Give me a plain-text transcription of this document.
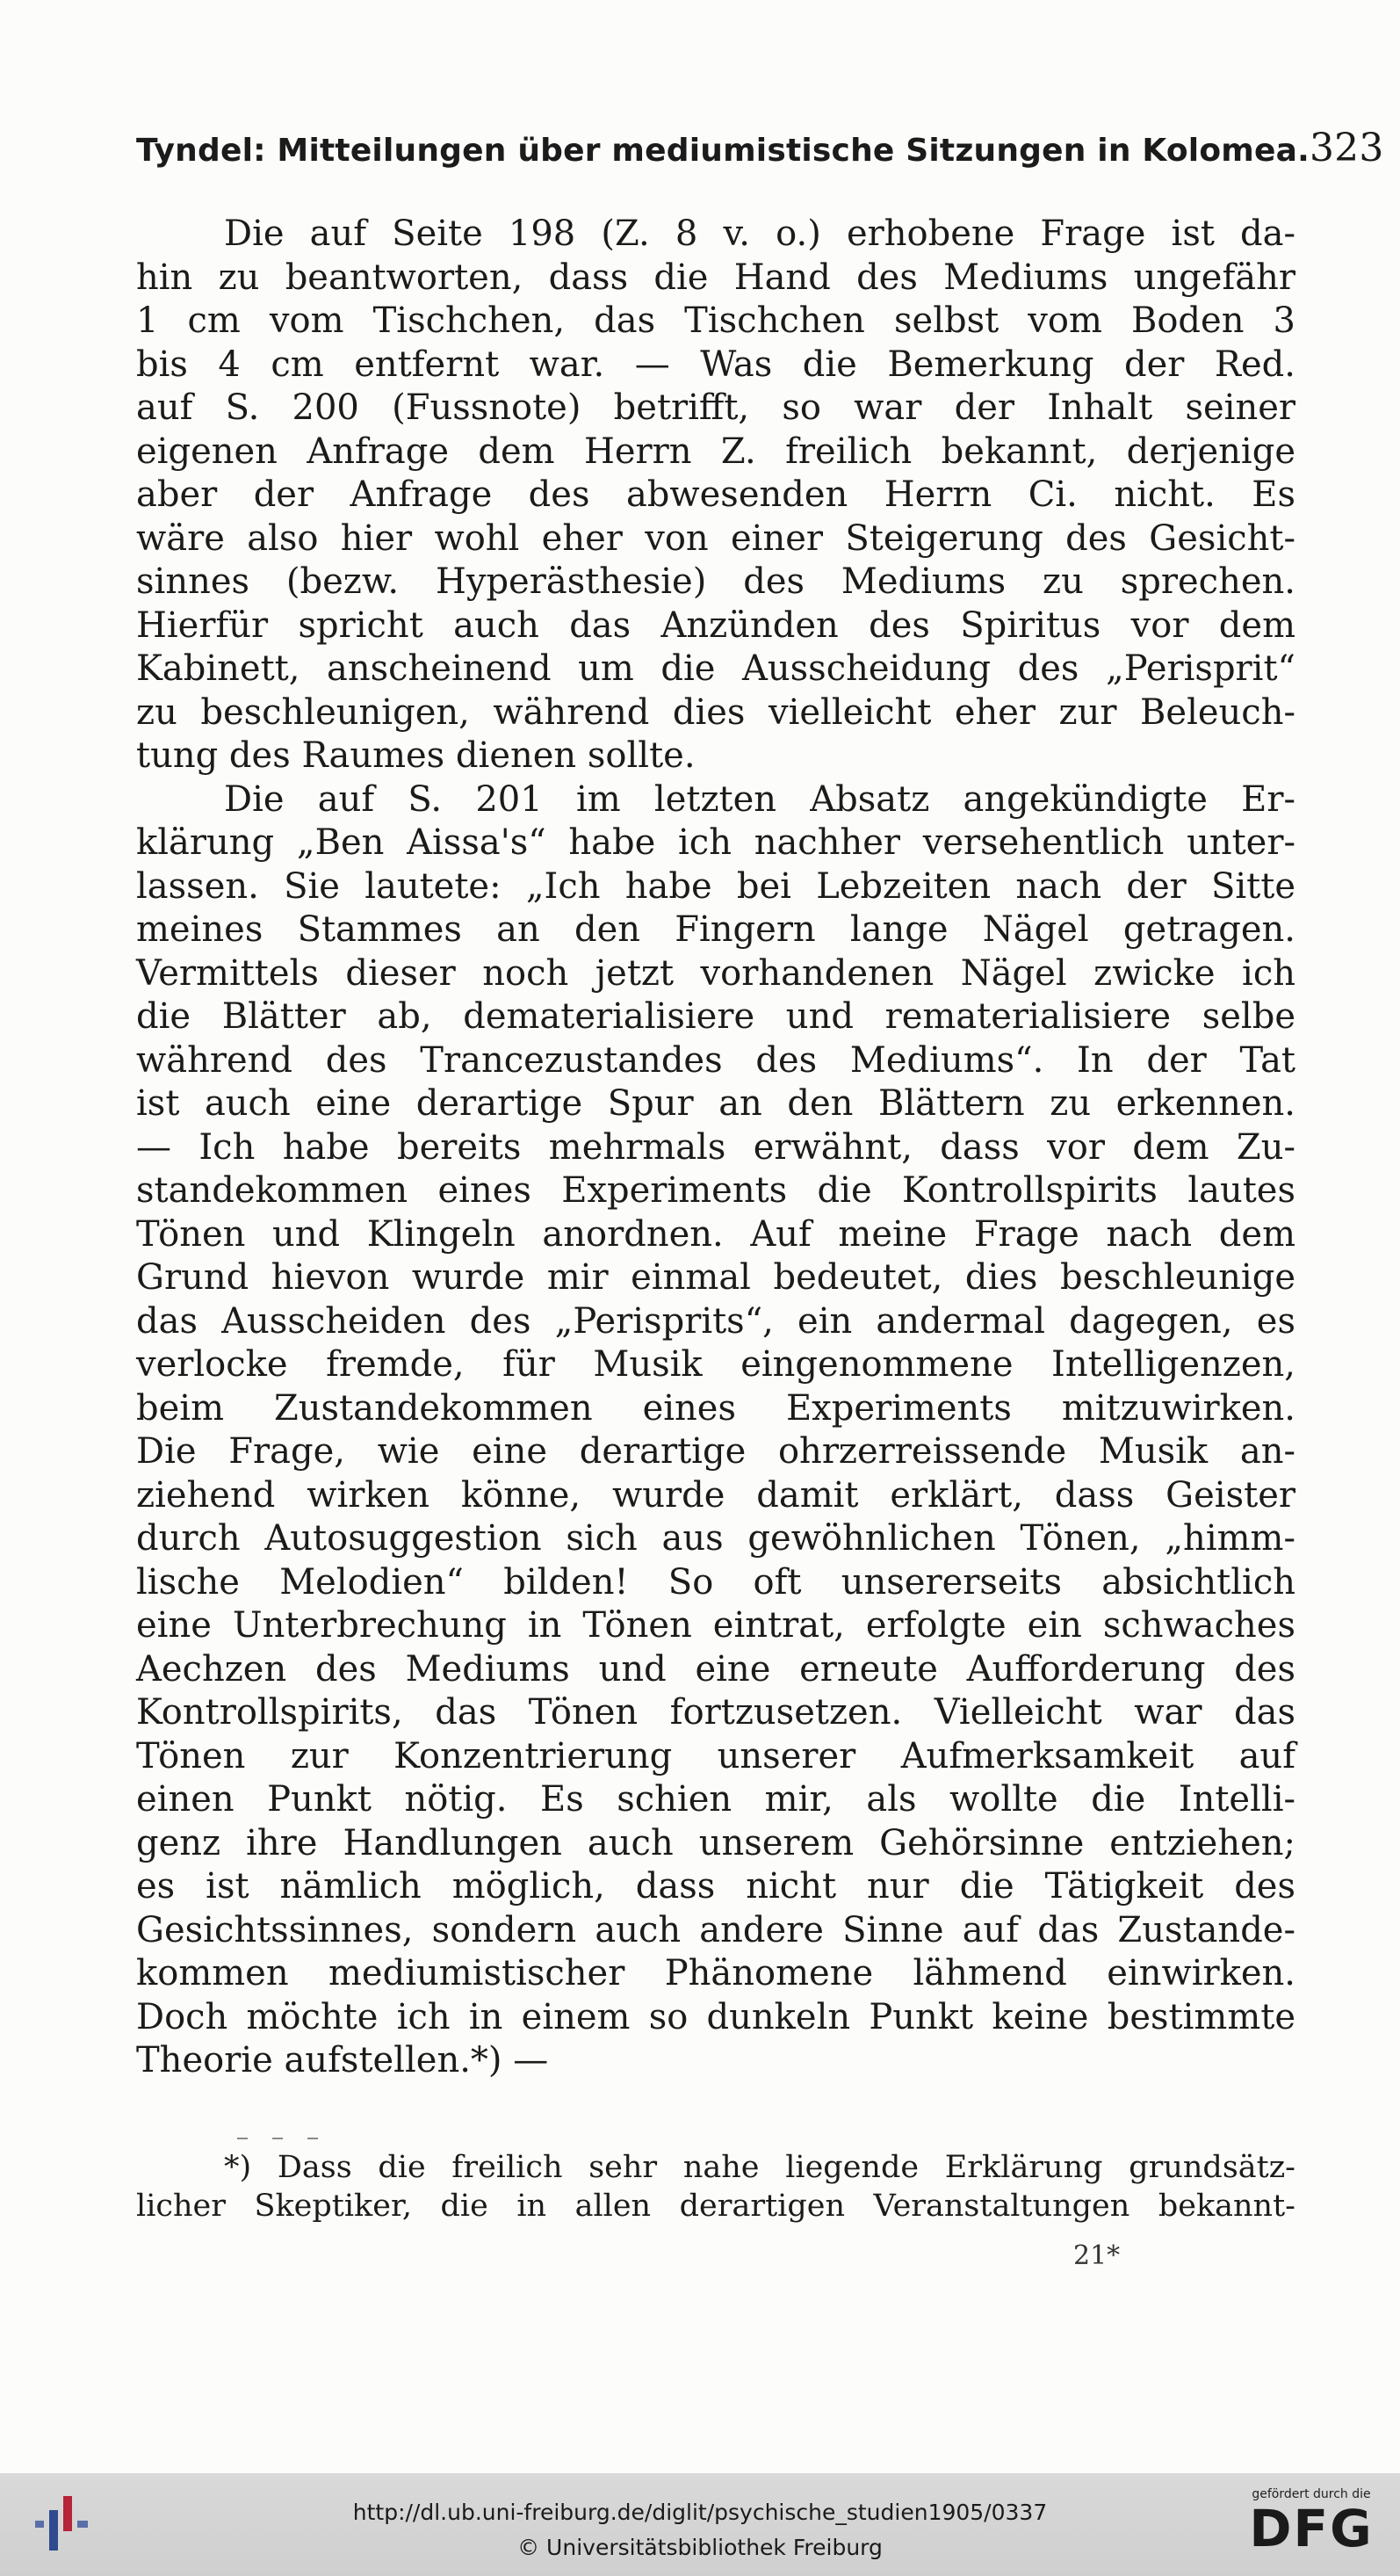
Tyndel: Mitteilungen über mediumistische Sitzungen in Kolomea. 323
Die auf Seite 198 (Z. 8 v. o.) erhobene Frage ist da-
hin zu beantworten, dass die Hand des Mediums ungefähr
1 cm vom Tischchen, das Tischchen selbst vom Boden 3
bis 4 cm entfernt war. — Was die Bemerkung der Red.
auf S. 200 (Fussnote) betrifft, so war der Inhalt seiner
eigenen Anfrage dem Herrn Z. freilich bekannt, derjenige
aber der Anfrage des abwesenden Herrn Ci. nicht. Es
wäre also hier wohl eher von einer Steigerung des Gesicht-
sinnes (bezw. Hyperästhesie) des Mediums zu sprechen.
Hierfür spricht auch das Anzünden des Spiritus vor dem
Kabinett, anscheinend um die Ausscheidung des „Perisprit“
zu beschleunigen, während dies vielleicht eher zur Beleuch-
tung des Raumes dienen sollte.
Die auf S. 201 im letzten Absatz angekündigte Er-
klärung „Ben Aissa's“ habe ich nachher versehentlich unter-
lassen. Sie lautete: „Ich habe bei Lebzeiten nach der Sitte
meines Stammes an den Fingern lange Nägel getragen.
Vermittels dieser noch jetzt vorhandenen Nägel zwicke ich
die Blätter ab, dematerialisiere und rematerialisiere selbe
während des Trancezustandes des Mediums“. In der Tat
ist auch eine derartige Spur an den Blättern zu erkennen.
— Ich habe bereits mehrmals erwähnt, dass vor dem Zu-
standekommen eines Experiments die Kontrollspirits lautes
Tönen und Klingeln anordnen. Auf meine Frage nach dem
Grund hievon wurde mir einmal bedeutet, dies beschleunige
das Ausscheiden des „Perisprits“, ein andermal dagegen, es
verlocke fremde, für Musik eingenommene Intelligenzen,
beim Zustandekommen eines Experiments mitzuwirken.
Die Frage, wie eine derartige ohrzerreissende Musik an-
ziehend wirken könne, wurde damit erklärt, dass Geister
durch Autosuggestion sich aus gewöhnlichen Tönen, „himm-
lische Melodien“ bilden! So oft unsererseits absichtlich
eine Unterbrechung in Tönen eintrat, erfolgte ein schwaches
Aechzen des Mediums und eine erneute Aufforderung des
Kontrollspirits, das Tönen fortzusetzen. Vielleicht war das
Tönen zur Konzentrierung unserer Aufmerksamkeit auf
einen Punkt nötig. Es schien mir, als wollte die Intelli-
genz ihre Handlungen auch unserem Gehörsinne entziehen;
es ist nämlich möglich, dass nicht nur die Tätigkeit des
Gesichtssinnes, sondern auch andere Sinne auf das Zustande-
kommen mediumistischer Phänomene lähmend einwirken.
Doch möchte ich in einem so dunkeln Punkt keine bestimmte
Theorie aufstellen.*) —
*) Dass die freilich sehr nahe liegende Erklärung grundsätz-
licher Skeptiker, die in allen derartigen Veranstaltungen bekannt-
21*
http://dl.ub.uni-freiburg.de/diglit/psychische_studien1905/0337
© Universitätsbibliothek Freiburg
gefördert durch die
DFG
